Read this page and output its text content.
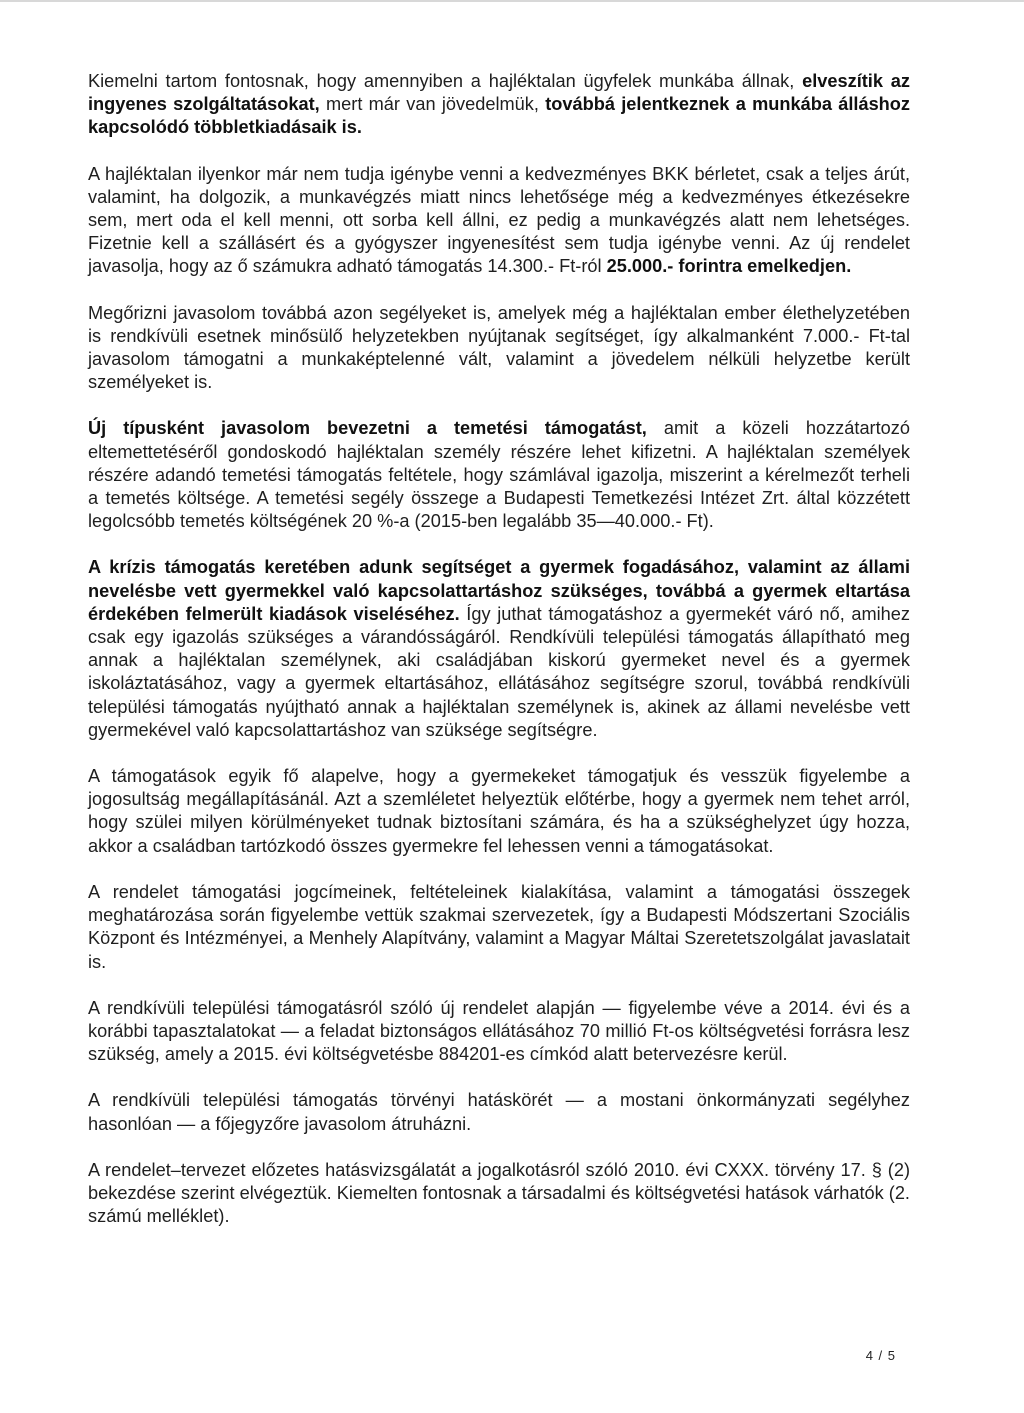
Kiemelni tartom fontosnak, hogy amennyiben a hajléktalan ügyfelek munkába állnak, elveszítik az ingyenes szolgáltatásokat, mert már van jövedelmük, továbbá jelentkeznek a munkába álláshoz kapcsolódó többletkiadásaik is.

A hajléktalan ilyenkor már nem tudja igénybe venni a kedvezményes BKK bérletet, csak a teljes árút, valamint, ha dolgozik, a munkavégzés miatt nincs lehetősége még a kedvezményes étkezésekre sem, mert oda el kell menni, ott sorba kell állni, ez pedig a munkavégzés alatt nem lehetséges. Fizetnie kell a szállásért és a gyógyszer ingyenesítést sem tudja igénybe venni. Az új rendelet javasolja, hogy az ő számukra adható támogatás 14.300.- Ft-ról 25.000.- forintra emelkedjen.

Megőrizni javasolom továbbá azon segélyeket is, amelyek még a hajléktalan ember élethelyzetében is rendkívüli esetnek minősülő helyzetekben nyújtanak segítséget, így alkalmanként 7.000.- Ft-tal javasolom támogatni a munkaképtelenné vált, valamint a jövedelem nélküli helyzetbe került személyeket is.

Új típusként javasolom bevezetni a temetési támogatást, amit a közeli hozzátartozó eltemettetéséről gondoskodó hajléktalan személy részére lehet kifizetni. A hajléktalan személyek részére adandó temetési támogatás feltétele, hogy számlával igazolja, miszerint a kérelmezőt terheli a temetés költsége. A temetési segély összege a Budapesti Temetkezési Intézet Zrt. által közzétett legolcsóbb temetés költségének 20 %-a (2015-ben legalább 35—40.000.- Ft).

A krízis támogatás keretében adunk segítséget a gyermek fogadásához, valamint az állami nevelésbe vett gyermekkel való kapcsolattartáshoz szükséges, továbbá a gyermek eltartása érdekében felmerült kiadások viseléséhez. Így juthat támogatáshoz a gyermekét váró nő, amihez csak egy igazolás szükséges a várandósságáról. Rendkívüli települési támogatás állapítható meg annak a hajléktalan személynek, aki családjában kiskorú gyermeket nevel és a gyermek iskoláztatásához, vagy a gyermek eltartásához, ellátásához segítségre szorul, továbbá rendkívüli települési támogatás nyújtható annak a hajléktalan személynek is, akinek az állami nevelésbe vett gyermekével való kapcsolattartáshoz van szüksége segítségre.

A támogatások egyik fő alapelve, hogy a gyermekeket támogatjuk és vesszük figyelembe a jogosultság megállapításánál. Azt a szemléletet helyeztük előtérbe, hogy a gyermek nem tehet arról, hogy szülei milyen körülményeket tudnak biztosítani számára, és ha a szükséghelyzet úgy hozza, akkor a családban tartózkodó összes gyermekre fel lehessen venni a támogatásokat.

A rendelet támogatási jogcímeinek, feltételeinek kialakítása, valamint a támogatási összegek meghatározása során figyelembe vettük szakmai szervezetek, így a Budapesti Módszertani Szociális Központ és Intézményei, a Menhely Alapítvány, valamint a Magyar Máltai Szeretetszolgálat javaslatait is.

A rendkívüli települési támogatásról szóló új rendelet alapján — figyelembe véve a 2014. évi és a korábbi tapasztalatokat — a feladat biztonságos ellátásához 70 millió Ft-os költségvetési forrásra lesz szükség, amely a 2015. évi költségvetésbe 884201-es címkód alatt betervezésre kerül.

A rendkívüli települési támogatás törvényi hatáskörét — a mostani önkormányzati segélyhez hasonlóan — a főjegyzőre javasolom átruházni.

A rendelet–tervezet előzetes hatásvizsgálatát a jogalkotásról szóló 2010. évi CXXX. törvény 17. § (2) bekezdése szerint elvégeztük. Kiemelten fontosnak a társadalmi és költségvetési hatások várhatók (2. számú melléklet).

4 / 5
